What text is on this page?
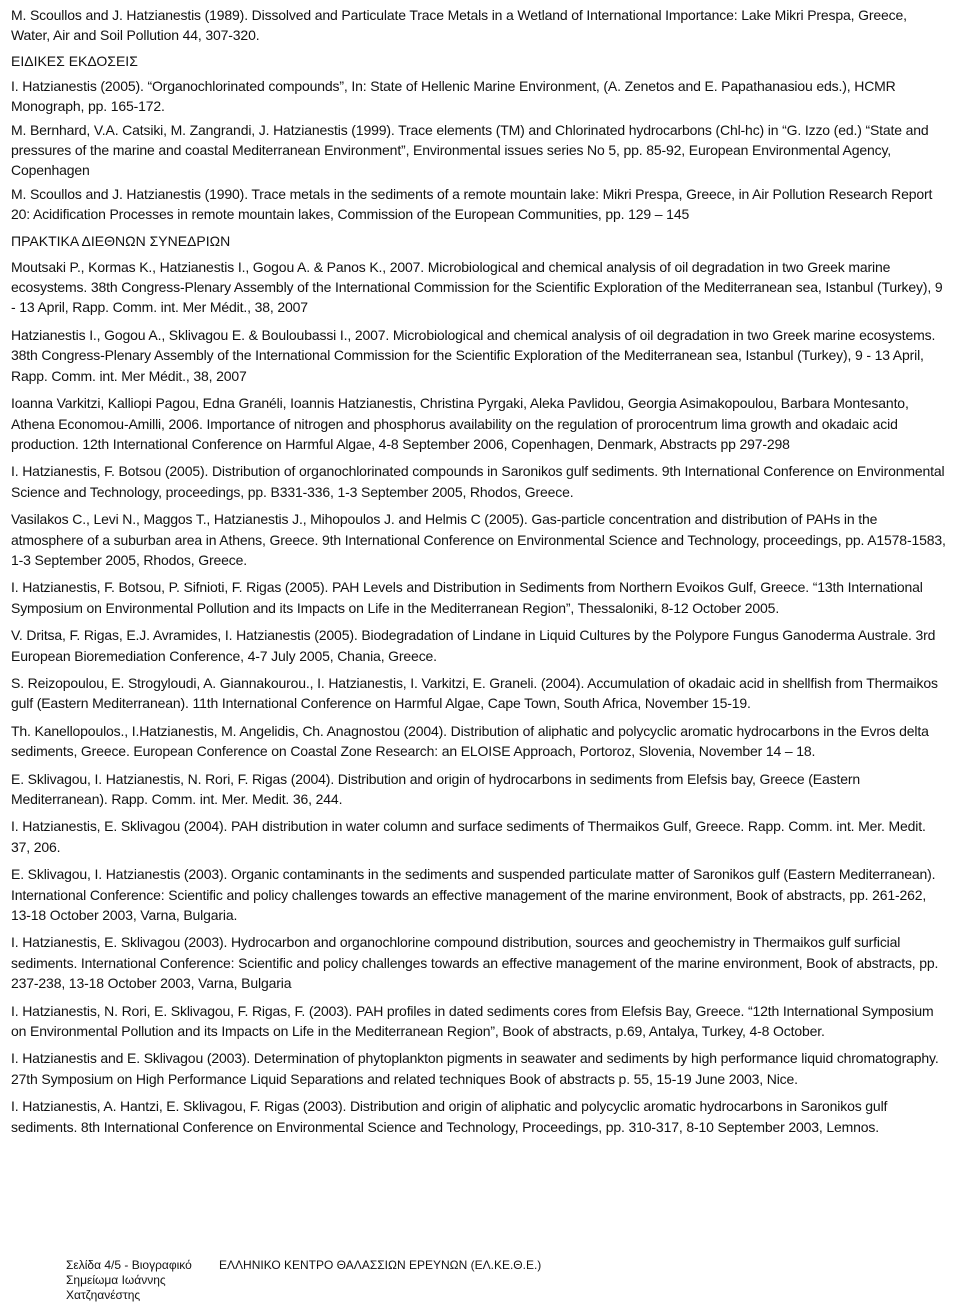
M. Scoullos and J. Hatzianestis (1989). Dissolved and Particulate Trace Metals in a Wetland of International Importance: Lake Mikri Prespa, Greece, Water, Air and Soil Pollution 44, 307-320.

ΕΙΔΙΚΕΣ ΕΚΔΟΣΕΙΣ

I. Hatzianestis (2005). “Organochlorinated compounds”, In: State of Hellenic Marine Environment, (A. Zenetos and E. Papathanasiou eds.), HCMR Monograph, pp. 165-172.

M. Bernhard, V.A. Catsiki, M. Zangrandi, J. Hatzianestis (1999). Trace elements (TM) and Chlorinated hydrocarbons (Chl-hc) in “G. Izzo (ed.) “State and pressures of the marine and coastal Mediterranean Environment”, Environmental issues series No 5, pp. 85-92, European Environmental Agency, Copenhagen

M. Scoullos and J. Hatzianestis (1990). Trace metals in the sediments of a remote mountain lake: Mikri Prespa, Greece, in Air Pollution Research Report 20: Acidification Processes in remote mountain lakes, Commission of the European Communities, pp. 129 – 145

ΠΡΑΚΤΙΚΑ ΔΙΕΘΝΩΝ ΣΥΝΕΔΡΙΩΝ

Moutsaki P., Kormas K., Hatzianestis I., Gogou A. & Panos K., 2007. Microbiological and chemical analysis of oil degradation in two Greek marine ecosystems. 38th Congress-Plenary Assembly of the International Commission for the Scientific Exploration of the Mediterranean sea, Istanbul (Turkey), 9 - 13 April, Rapp. Comm. int. Mer Médit., 38, 2007

Hatzianestis I., Gogou A., Sklivagou E. & Bouloubassi I., 2007. Microbiological and chemical analysis of oil degradation in two Greek marine ecosystems. 38th Congress-Plenary Assembly of the International Commission for the Scientific Exploration of the Mediterranean sea, Istanbul (Turkey), 9 - 13 April, Rapp. Comm. int. Mer Médit., 38, 2007

Ioanna Varkitzi, Kalliopi Pagou, Edna Granéli, Ioannis Hatzianestis, Christina Pyrgaki, Aleka Pavlidou, Georgia Asimakopoulou, Barbara Montesanto, Athena Economou-Amilli, 2006. Importance of nitrogen and phosphorus availability on the regulation of prorocentrum lima growth and okadaic acid production. 12th International Conference on Harmful Algae, 4-8 September 2006, Copenhagen, Denmark, Abstracts pp 297-298

I. Hatzianestis, F. Botsou (2005). Distribution of organochlorinated compounds in Saronikos gulf sediments. 9th International Conference on Environmental Science and Technology, proceedings, pp. B331-336, 1-3 September 2005, Rhodos, Greece.

Vasilakos C., Levi N., Maggos T., Hatzianestis J., Mihopoulos J. and Helmis C (2005). Gas-particle concentration and distribution of PAHs in the atmosphere of a suburban area in Athens, Greece. 9th International Conference on Environmental Science and Technology, proceedings, pp. A1578-1583, 1-3 September 2005, Rhodos, Greece.

I. Hatzianestis, F. Botsou, P. Sifnioti, F. Rigas (2005). PAH Levels and Distribution in Sediments from Northern Evoikos Gulf, Greece. “13th International Symposium on Environmental Pollution and its Impacts on Life in the Mediterranean Region”, Thessaloniki, 8-12 October 2005.

V. Dritsa, F. Rigas, E.J. Avramides, I. Hatzianestis (2005). Biodegradation of Lindane in Liquid Cultures by the Polypore Fungus Ganoderma Australe. 3rd European Bioremediation Conference, 4-7 July 2005, Chania, Greece.

S. Reizopoulou, E. Strogyloudi, A. Giannakourou., I. Hatzianestis, I. Varkitzi, E. Graneli. (2004). Accumulation of okadaic acid in shellfish from Thermaikos gulf (Eastern Mediterranean). 11th International Conference on Harmful Algae, Cape Town, South Africa, November 15-19.

Th. Kanellopoulos., I.Hatzianestis, M. Angelidis, Ch. Anagnostou (2004). Distribution of aliphatic and polycyclic aromatic hydrocarbons in the Evros delta sediments, Greece. European Conference on Coastal Zone Research: an ELOISE Approach, Portoroz, Slovenia, November 14 – 18.

E. Sklivagou, I. Hatzianestis, N. Rori, F. Rigas (2004). Distribution and origin of hydrocarbons in sediments from Elefsis bay, Greece (Eastern Mediterranean). Rapp. Comm. int. Mer. Medit. 36, 244.

I. Hatzianestis, E. Sklivagou (2004). PAH distribution in water column and surface sediments of Thermaikos Gulf, Greece. Rapp. Comm. int. Mer. Medit. 37, 206.

E. Sklivagou, I. Hatzianestis (2003). Organic contaminants in the sediments and suspended particulate matter of Saronikos gulf (Eastern Mediterranean). International Conference: Scientific and policy challenges towards an effective management of the marine environment, Book of abstracts, pp. 261-262, 13-18 October 2003, Varna, Bulgaria.

I. Hatzianestis, E. Sklivagou (2003). Hydrocarbon and organochlorine compound distribution, sources and geochemistry in Thermaikos gulf surficial sediments. International Conference: Scientific and policy challenges towards an effective management of the marine environment, Book of abstracts, pp. 237-238, 13-18 October 2003, Varna, Bulgaria

I. Hatzianestis, N. Rori, E. Sklivagou, F. Rigas, F. (2003). PAH profiles in dated sediments cores from Elefsis Bay, Greece. “12th International Symposium on Environmental Pollution and its Impacts on Life in the Mediterranean Region”, Book of abstracts, p.69, Antalya, Turkey, 4-8 October.

I. Hatzianestis and E. Sklivagou (2003). Determination of phytoplankton pigments in seawater and sediments by high performance liquid chromatography. 27th Symposium on High Performance Liquid Separations and related techniques Book of abstracts p. 55, 15-19 June 2003, Nice.

I. Hatzianestis, A. Hantzi, E. Sklivagou, F. Rigas (2003). Distribution and origin of aliphatic and polycyclic aromatic hydrocarbons in Saronikos gulf sediments. 8th International Conference on Environmental Science and Technology, Proceedings, pp. 310-317, 8-10 September 2003, Lemnos.

Σελίδα 4/5 - Βιογραφικό Σημείωμα Ιωάννης Χατζηανέστης
ΕΛΛΗΝΙΚΟ ΚΕΝΤΡΟ ΘΑΛΑΣΣΙΩΝ ΕΡΕΥΝΩΝ (ΕΛ.ΚΕ.Θ.Ε.)
